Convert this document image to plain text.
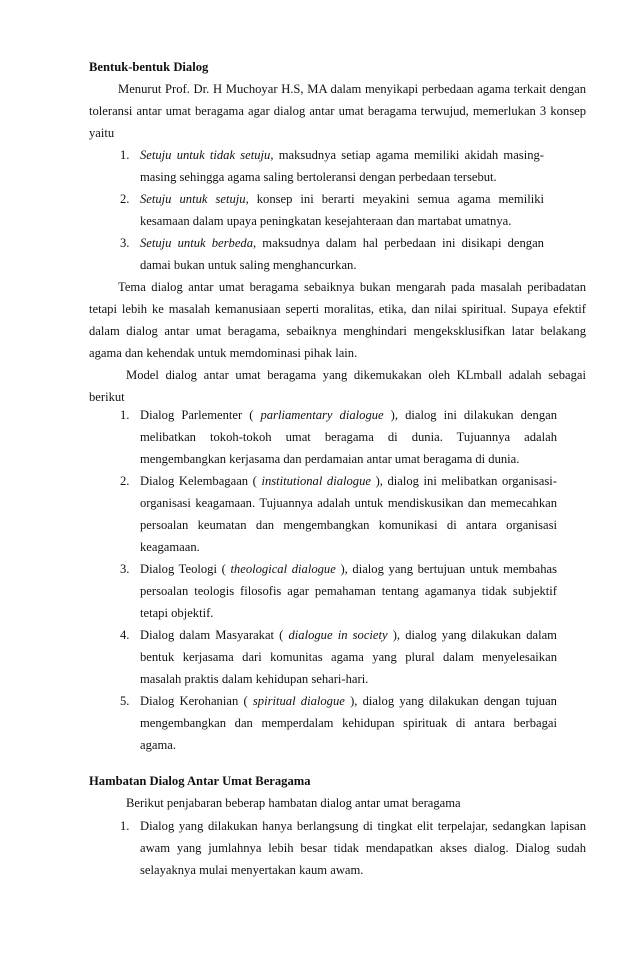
Bentuk-bentuk Dialog

Menurut Prof. Dr. H Muchoyar H.S, MA dalam menyikapi perbedaan agama terkait dengan toleransi antar umat beragama agar dialog antar umat beragama terwujud, memerlukan 3 konsep yaitu

1. Setuju untuk tidak setuju, maksudnya setiap agama memiliki akidah masing-masing sehingga agama saling bertoleransi dengan perbedaan tersebut.
2. Setuju untuk setuju, konsep ini berarti meyakini semua agama memiliki kesamaan dalam upaya peningkatan kesejahteraan dan martabat umatnya.
3. Setuju untuk berbeda, maksudnya dalam hal perbedaan ini disikapi dengan damai bukan untuk saling menghancurkan.

Tema dialog antar umat beragama sebaiknya bukan mengarah pada masalah peribadatan tetapi lebih ke masalah kemanusiaan seperti moralitas, etika, dan nilai spiritual. Supaya efektif dalam dialog antar umat beragama, sebaiknya menghindari mengeksklusifkan latar belakang agama dan kehendak untuk memdominasi pihak lain.

Model dialog antar umat beragama yang dikemukakan oleh KLmball adalah sebagai berikut

1. Dialog Parlementer ( parliamentary dialogue ), dialog ini dilakukan dengan melibatkan tokoh-tokoh umat beragama di dunia. Tujuannya adalah mengembangkan kerjasama dan perdamaian antar umat beragama di dunia.
2. Dialog Kelembagaan ( institutional dialogue ), dialog ini melibatkan organisasi-organisasi keagamaan. Tujuannya adalah untuk mendiskusikan dan memecahkan persoalan keumatan dan mengembangkan komunikasi di antara organisasi keagamaan.
3. Dialog Teologi ( theological dialogue ), dialog yang bertujuan untuk membahas persoalan teologis filosofis agar pemahaman tentang agamanya tidak subjektif tetapi objektif.
4. Dialog dalam Masyarakat ( dialogue in society ), dialog yang dilakukan dalam bentuk kerjasama dari komunitas agama yang plural dalam menyelesaikan masalah praktis dalam kehidupan sehari-hari.
5. Dialog Kerohanian ( spiritual dialogue ), dialog yang dilakukan dengan tujuan mengembangkan dan memperdalam kehidupan spirituak di antara berbagai agama.
Hambatan Dialog Antar Umat Beragama

Berikut penjabaran beberap hambatan dialog antar umat beragama

1. Dialog yang dilakukan hanya berlangsung di tingkat elit terpelajar, sedangkan lapisan awam yang jumlahnya lebih besar tidak mendapatkan akses dialog. Dialog sudah selayaknya mulai menyertakan kaum awam.
